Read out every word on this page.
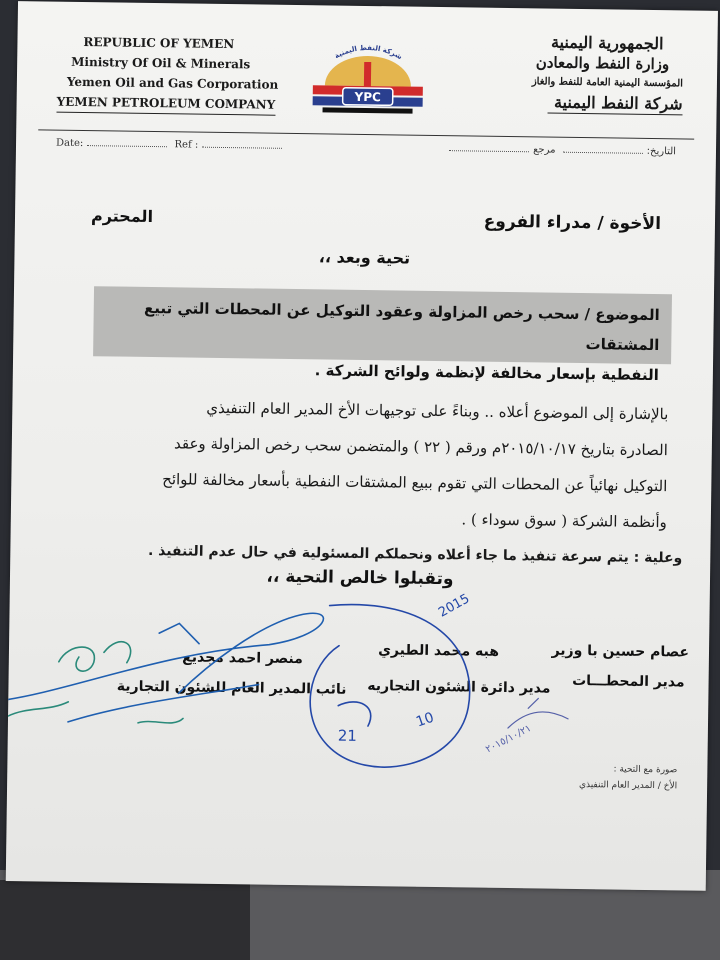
REPUBLIC OF YEMEN
Ministry Of Oil & Minerals
Yemen Oil and Gas Corporation
YEMEN PETROLEUM COMPANY
الجمهورية اليمنية
وزارة النفط والمعادن
المؤسسة اليمنية العامة للنفط والغاز
شركة النفط اليمنية
شركة النفط اليمنية
YPC
Date:	Ref :
التاريخ: مرجع
الأخوة / مدراء الفروع
المحترم
تحية وبعد ،،
الموضوع / سحب رخص المزاولة وعقود التوكيل عن المحطات التي تبيع المشتقات
النفطية بإسعار مخالفة لإنظمة ولوائح الشركة .

بالإشارة إلى الموضوع أعلاه .. وبناءً على توجيهات الأخ المدير العام التنفيذي

الصادرة بتاريخ ٢٠١٥/١٠/١٧م ورقم ( ٢٢ ) والمتضمن سحب رخص المزاولة وعقد

التوكيل نهائياً عن المحطات التي تقوم ببيع المشتقات النفطية بأسعار مخالفة للوائح

وأنظمة الشركة ( سوق سوداء ) .

وعلية : يتم سرعة تنفيذ ما جاء أعلاه ونحملكم المسئولية في حال عدم التنفيذ .

وتقبلوا خالص التحية ،،
عصام حسين با وزير
مدير المحطـــات
هبه محمد الطيري
مدير دائرة الشئون التجاريه
منصر احمد مجديع
نائب المدير العام للشئون التجارية
صورة مع التحية :
الأخ / المدير العام التنفيذي
2015
21
10
٢٠١٥/١٠/٢١
